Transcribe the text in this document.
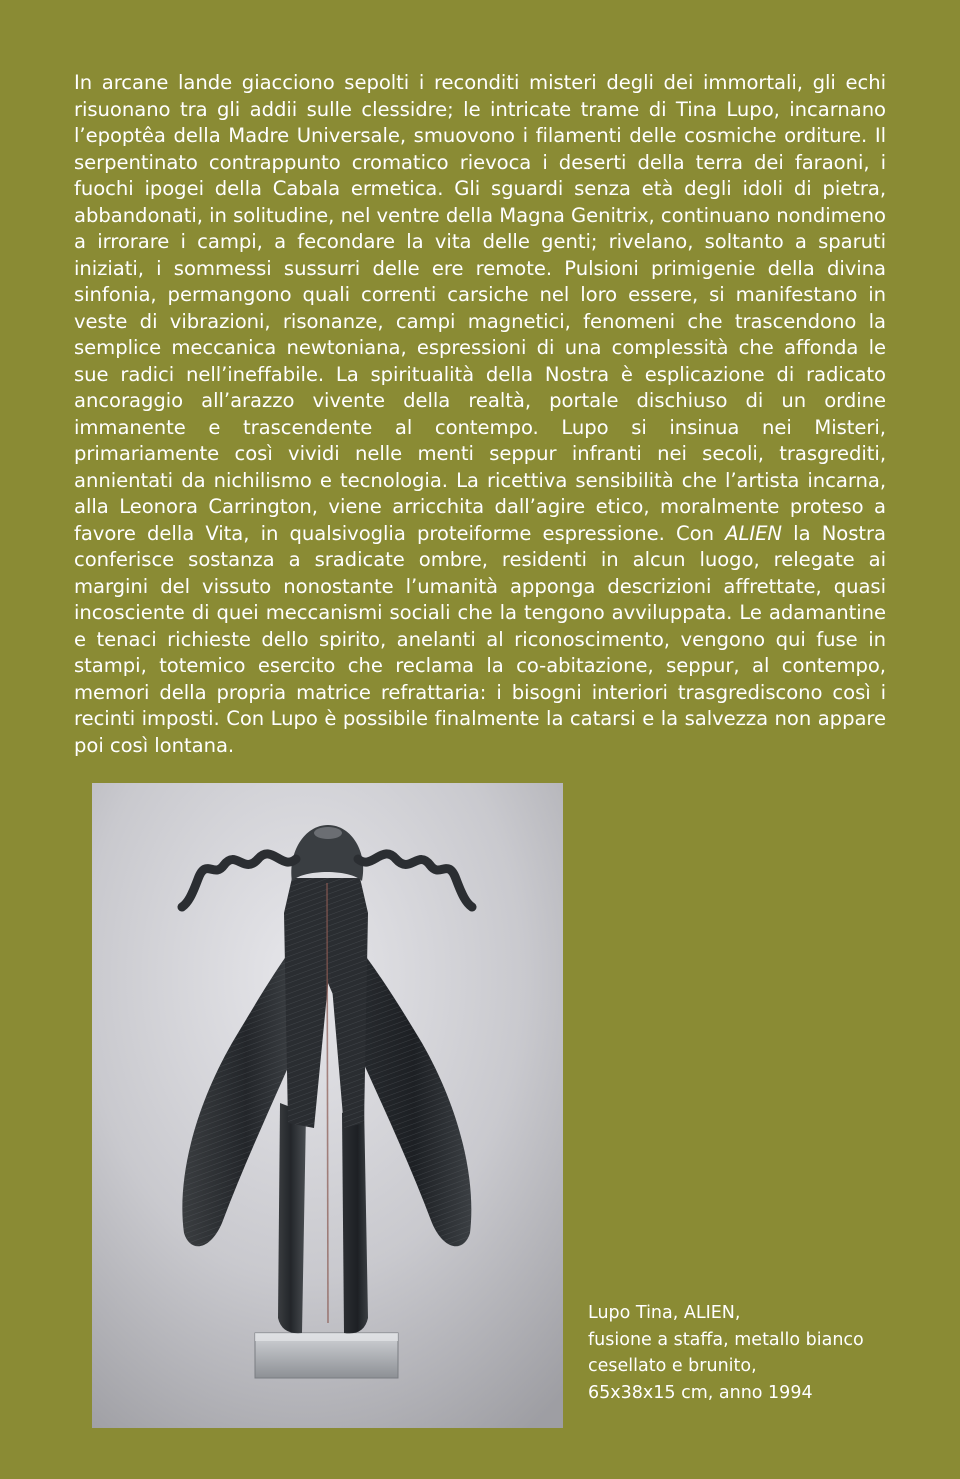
In arcane lande giacciono sepolti i reconditi misteri degli dei immortali, gli echi risuonano tra gli addii sulle clessidre; le intricate trame di Tina Lupo, incarnano l’epoptêa della Madre Universale, smuovono i filamenti delle cosmiche orditure. Il serpentinato contrappunto cromatico rievoca i deserti della terra dei faraoni, i fuochi ipogei della Cabala ermetica. Gli sguardi senza età degli idoli di pietra, abbandonati, in solitudine, nel ventre della Magna Genitrix, continuano nondimeno a irrorare i campi, a fecondare la vita delle genti; rivelano, soltanto a sparuti iniziati, i sommessi sussurri delle ere remote. Pulsioni primigenie della divina sinfonia, permangono quali correnti carsiche nel loro essere, si manifestano in veste di vibrazioni, risonanze, campi magnetici, fenomeni che trascendono la semplice meccanica newtoniana, espressioni di una complessità che affonda le sue radici nell’ineffabile. La spiritualità della Nostra è esplicazione di radicato ancoraggio all’arazzo vivente della realtà, portale dischiuso di un ordine immanente e trascendente al contempo. Lupo si insinua nei Misteri, primariamente così vividi nelle menti seppur infranti nei secoli, trasgrediti, annientati da nichilismo e tecnologia. La ricettiva sensibilità che l’artista incarna, alla Leonora Carrington, viene arricchita dall’agire etico, moralmente proteso a favore della Vita, in qualsivoglia proteiforme espressione. Con ALIEN la Nostra conferisce sostanza a sradicate ombre, residenti in alcun luogo, relegate ai margini del vissuto nonostante l’umanità apponga descrizioni affrettate, quasi incosciente di quei meccanismi sociali che la tengono avviluppata. Le adamantine e tenaci richieste dello spirito, anelanti al riconoscimento, vengono qui fuse in stampi, totemico esercito che reclama la co-abitazione, seppur, al contempo, memori della propria matrice refrattaria: i bisogni interiori trasgrediscono così i recinti imposti. Con Lupo è possibile finalmente la catarsi e la salvezza non appare poi così lontana.

Lupo Tina, ALIEN,
fusione a staffa, metallo bianco
cesellato e brunito,
65x38x15 cm, anno 1994
